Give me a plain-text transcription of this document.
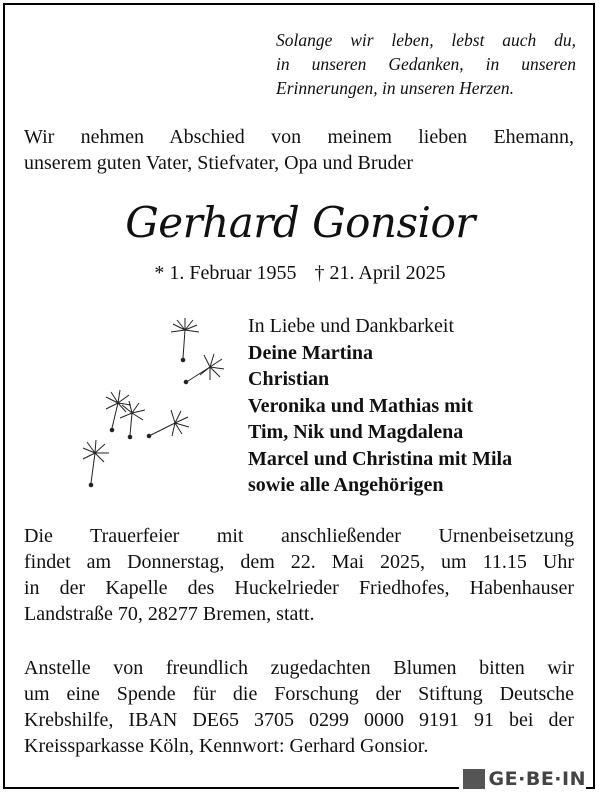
Solange wir leben, lebst auch du,
in unseren Gedanken, in unseren
Erinnerungen, in unseren Herzen.
Wir nehmen Abschied von meinem lieben Ehemann,
unserem guten Vater, Stiefvater, Opa und Bruder
Gerhard Gonsior
* 1. Februar 1955 † 21. April 2025
In Liebe und Dankbarkeit
Deine Martina
Christian
Veronika und Mathias mit
Tim, Nik und Magdalena
Marcel und Christina mit Mila
sowie alle Angehörigen
Die Trauerfeier mit anschließender Urnenbeisetzung
findet am Donnerstag, dem 22. Mai 2025, um 11.15 Uhr
in der Kapelle des Huckelrieder Friedhofes, Habenhauser
Landstraße 70, 28277 Bremen, statt.
Anstelle von freundlich zugedachten Blumen bitten wir
um eine Spende für die Forschung der Stiftung Deutsche
Krebshilfe, IBAN DE65 3705 0299 0000 9191 91 bei der
Kreissparkasse Köln, Kennwort: Gerhard Gonsior.
GE·BE·IN
